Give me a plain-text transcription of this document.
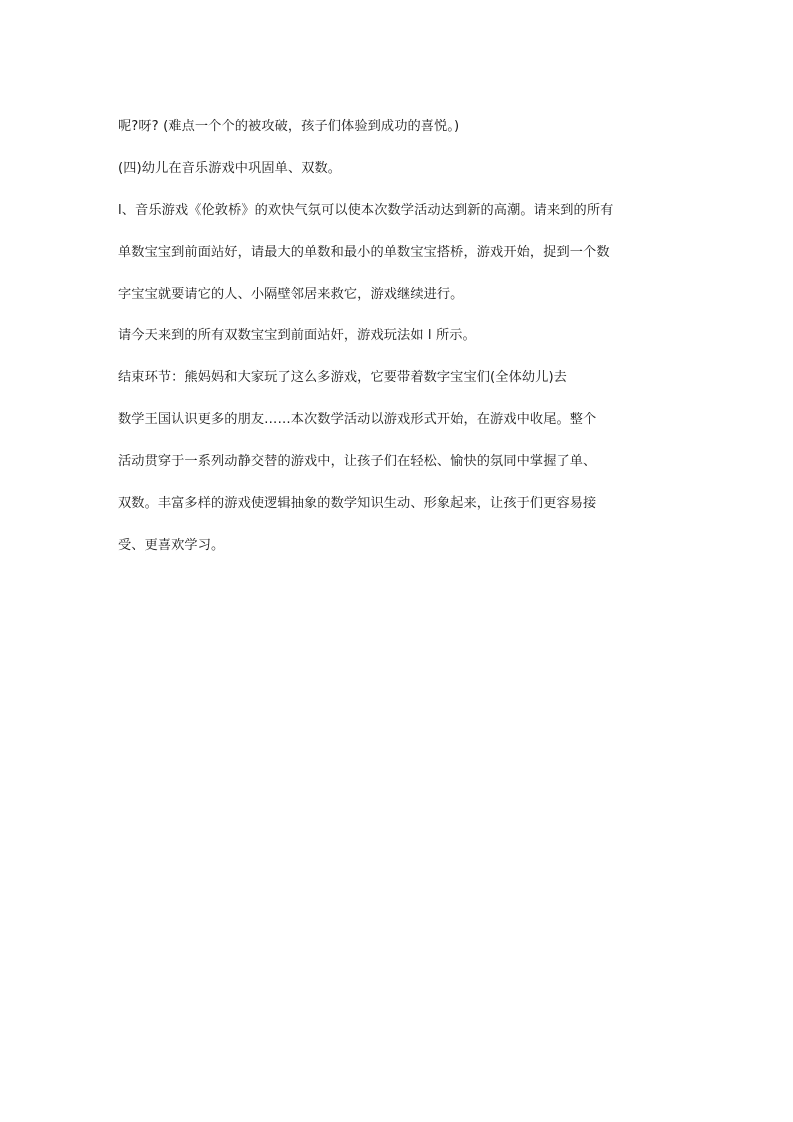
呢?呀? (难点一个个的被攻破，孩子们体验到成功的喜悦。)
(四)幼儿在音乐游戏中巩固单、双数。
l、音乐游戏《伦敦桥》的欢快气氛可以使本次数学活动达到新的高潮。请来到的所有
单数宝宝到前面站好，请最大的单数和最小的单数宝宝搭桥，游戏开始，捉到一个数
字宝宝就要请它的人、小隔壁邻居来救它，游戏继续进行。
请今天来到的所有双数宝宝到前面站奸，游戏玩法如 l 所示。
结束环节：熊妈妈和大家玩了这么多游戏，它要带着数字宝宝们(全体幼儿)去
数学王国认识更多的朋友……本次数学活动以游戏形式开始，在游戏中收尾。整个
活动贯穿于一系列动静交替的游戏中，让孩子们在轻松、愉快的氛同中掌握了单、
双数。丰富多样的游戏使逻辑抽象的数学知识生动、形象起来，让孩于们更容易接
受、更喜欢学习。
